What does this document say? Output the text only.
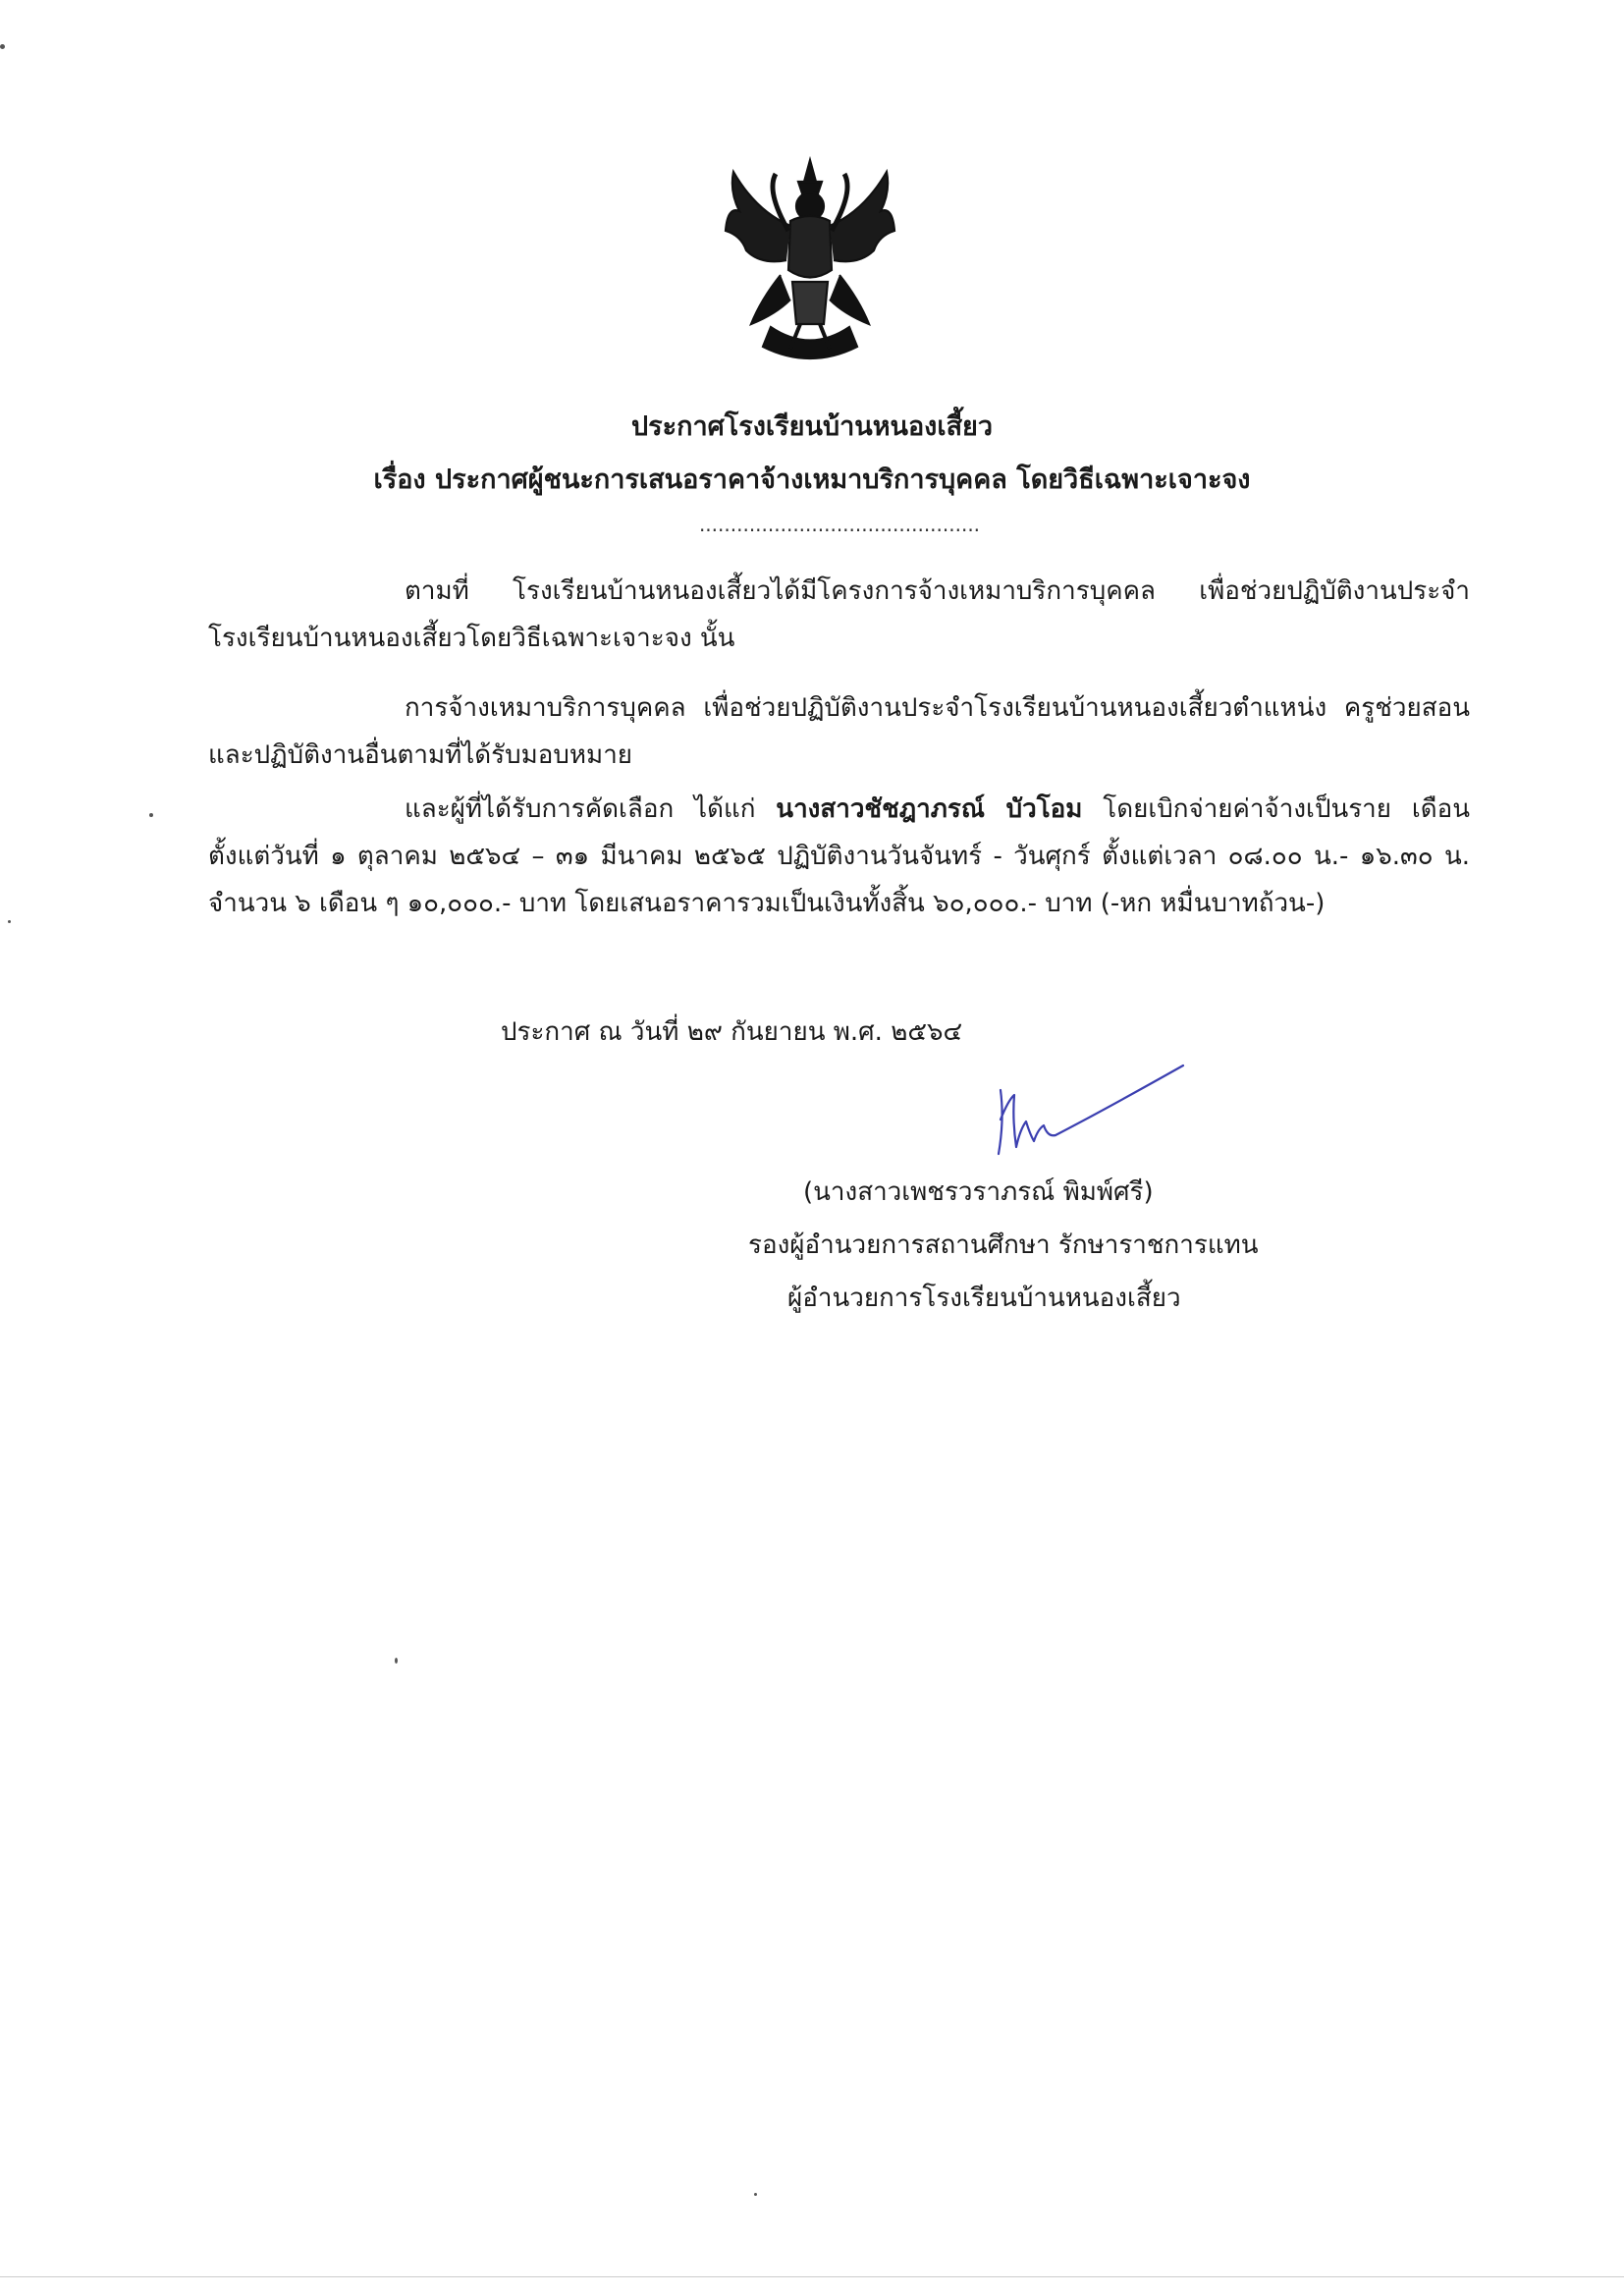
ประกาศโรงเรียนบ้านหนองเสี้ยว
เรื่อง ประกาศผู้ชนะการเสนอราคาจ้างเหมาบริการบุคคล โดยวิธีเฉพาะเจาะจง
.............................................
ตามที่ โรงเรียนบ้านหนองเสี้ยวได้มีโครงการจ้างเหมาบริการบุคคล เพื่อช่วยปฏิบัติงานประจำ โรงเรียนบ้านหนองเสี้ยวโดยวิธีเฉพาะเจาะจง นั้น
การจ้างเหมาบริการบุคคล เพื่อช่วยปฏิบัติงานประจำโรงเรียนบ้านหนองเสี้ยวตำแหน่ง ครูช่วยสอน และปฏิบัติงานอื่นตามที่ได้รับมอบหมาย
และผู้ที่ได้รับการคัดเลือก ได้แก่ นางสาวชัชฎาภรณ์ บัวโอม โดยเบิกจ่ายค่าจ้างเป็นราย เดือน ตั้งแต่วันที่ ๑ ตุลาคม ๒๕๖๔ – ๓๑ มีนาคม ๒๕๖๕ ปฏิบัติงานวันจันทร์ - วันศุกร์ ตั้งแต่เวลา ๐๘.๐๐ น.- ๑๖.๓๐ น. จำนวน ๖ เดือน ๆ ๑๐,๐๐๐.- บาท โดยเสนอราคารวมเป็นเงินทั้งสิ้น ๖๐,๐๐๐.- บาท (-หก หมื่นบาทถ้วน-)
ประกาศ ณ วันที่ ๒๙ กันยายน พ.ศ. ๒๕๖๔
(นางสาวเพชรวราภรณ์ พิมพ์ศรี)
รองผู้อำนวยการสถานศึกษา รักษาราชการแทน
ผู้อำนวยการโรงเรียนบ้านหนองเสี้ยว
